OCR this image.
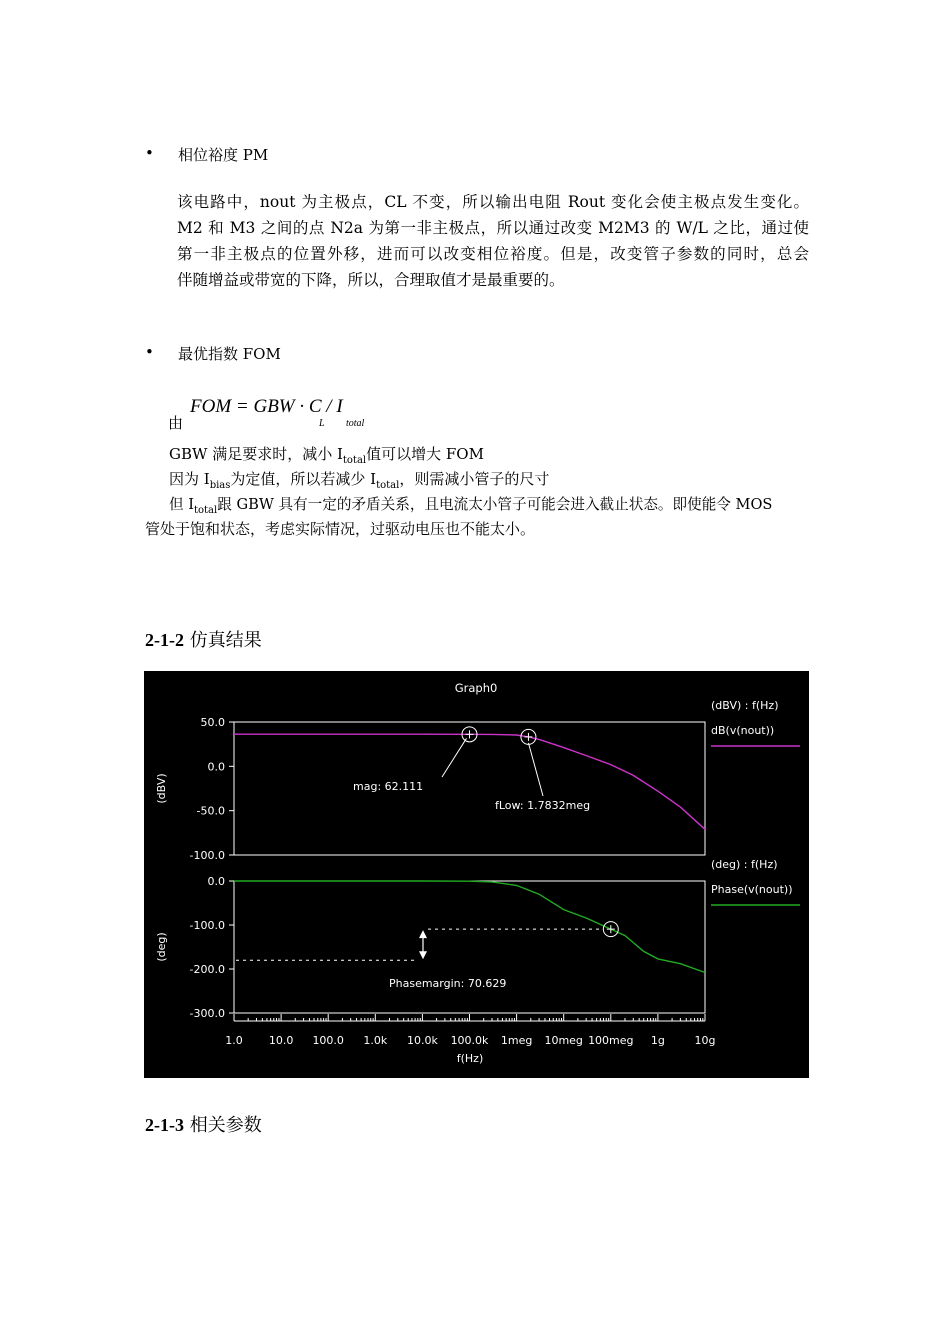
• 相位裕度 PM
该电路中，nout 为主极点，CL 不变，所以输出电阻 Rout 变化会使主极点发生变化。
M2 和 M3 之间的点 N2a 为第一非主极点，所以通过改变 M2M3 的 W/L 之比，通过使
第一非主极点的位置外移，进而可以改变相位裕度。但是，改变管子参数的同时，总会
伴随增益或带宽的下降，所以，合理取值才是最重要的。
• 最优指数 FOM
由
FOM = GBW · C / I
L total
GBW 满足要求时，减小 $I_{total}$值可以增大 FOM
因为 $I_{bias}$为定值，所以若减少 $I_{total}$，则需减小管子的尺寸
但 $I_{total}$跟 GBW 具有一定的矛盾关系，且电流太小管子可能会进入截止状态。即使能令 MOS
管处于饱和状态，考虑实际情况，过驱动电压也不能太小。
2-1-2 仿真结果
Graph0
50.0
0.0
-50.0
-100.0
(dBV)
(dBV) : f(Hz)
dB(v(nout))
mag: 62.111
fLow: 1.7832meg
0.0
-100.0
-200.0
-300.0
(deg)
(deg) : f(Hz)
Phase(v(nout))
Phasemargin: 70.629
1.0 10.0 100.0 1.0k 10.0k 100.0k 1meg 10meg 100meg 1g	10g
f(Hz)
2-1-3 相关参数
